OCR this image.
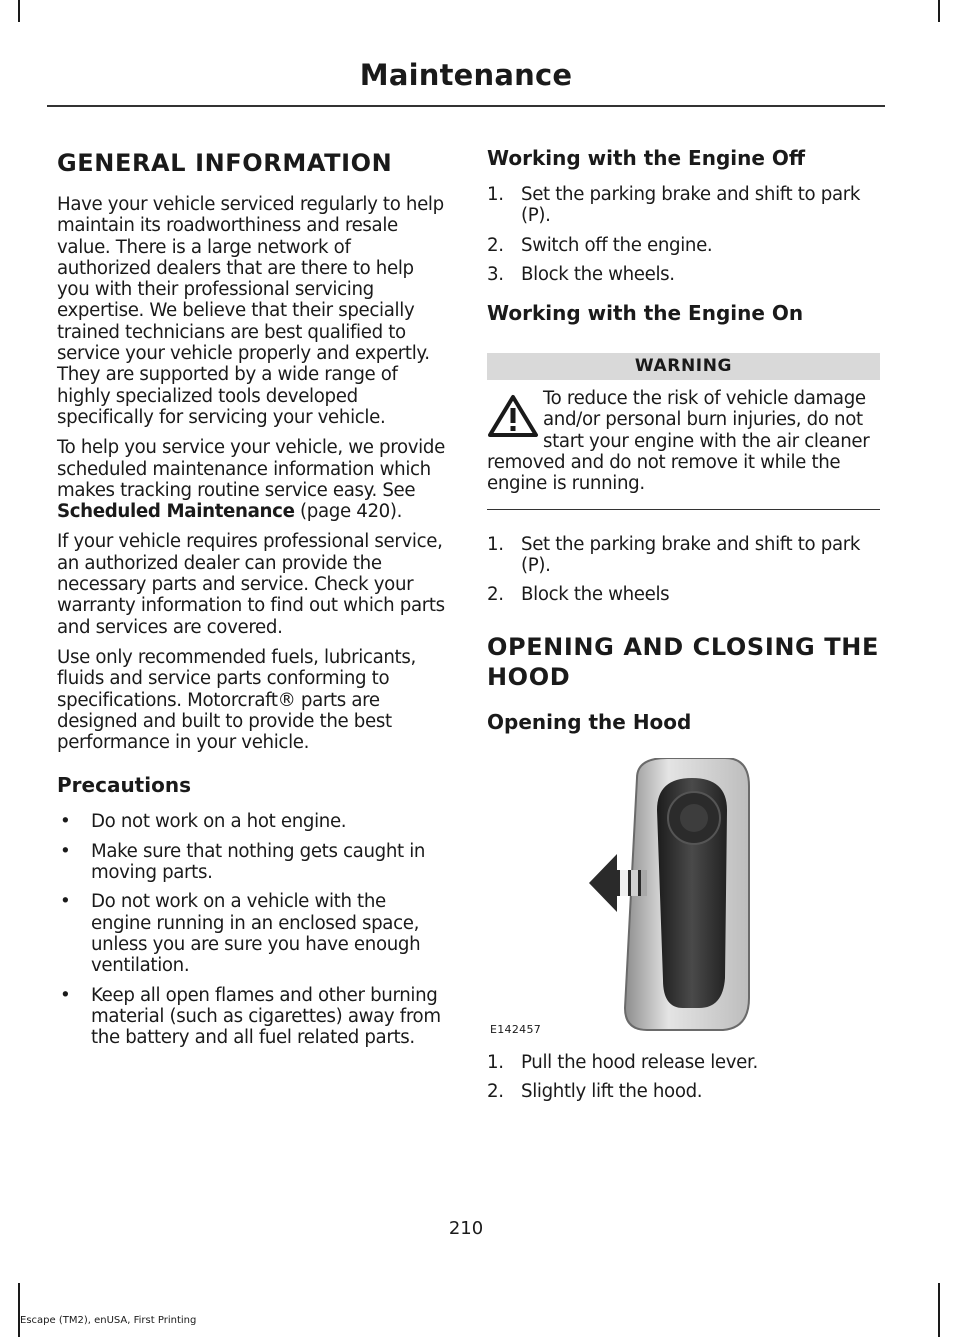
Maintenance
GENERAL INFORMATION

Have your vehicle serviced regularly to help maintain its roadworthiness and resale value. There is a large network of authorized dealers that are there to help you with their professional servicing expertise. We believe that their specially trained technicians are best qualified to service your vehicle properly and expertly. They are supported by a wide range of highly specialized tools developed specifically for servicing your vehicle.

To help you service your vehicle, we provide scheduled maintenance information which makes tracking routine service easy. See Scheduled Maintenance (page 420).

If your vehicle requires professional service, an authorized dealer can provide the necessary parts and service. Check your warranty information to find out which parts and services are covered.

Use only recommended fuels, lubricants, fluids and service parts conforming to specifications. Motorcraft® parts are designed and built to provide the best performance in your vehicle.

Precautions
• Do not work on a hot engine.
• Make sure that nothing gets caught in moving parts.
• Do not work on a vehicle with the engine running in an enclosed space, unless you are sure you have enough ventilation.
• Keep all open flames and other burning material (such as cigarettes) away from the battery and all fuel related parts.
Working with the Engine Off
1. Set the parking brake and shift to park (P).
2. Switch off the engine.
3. Block the wheels.
Working with the Engine On
WARNING
To reduce the risk of vehicle damage and/or personal burn injuries, do not start your engine with the air cleaner removed and do not remove it while the engine is running.
1. Set the parking brake and shift to park (P).
2. Block the wheels
OPENING AND CLOSING THE
HOOD
Opening the Hood
E142457
1. Pull the hood release lever.
2. Slightly lift the hood.
210
Escape (TM2), enUSA, First Printing
